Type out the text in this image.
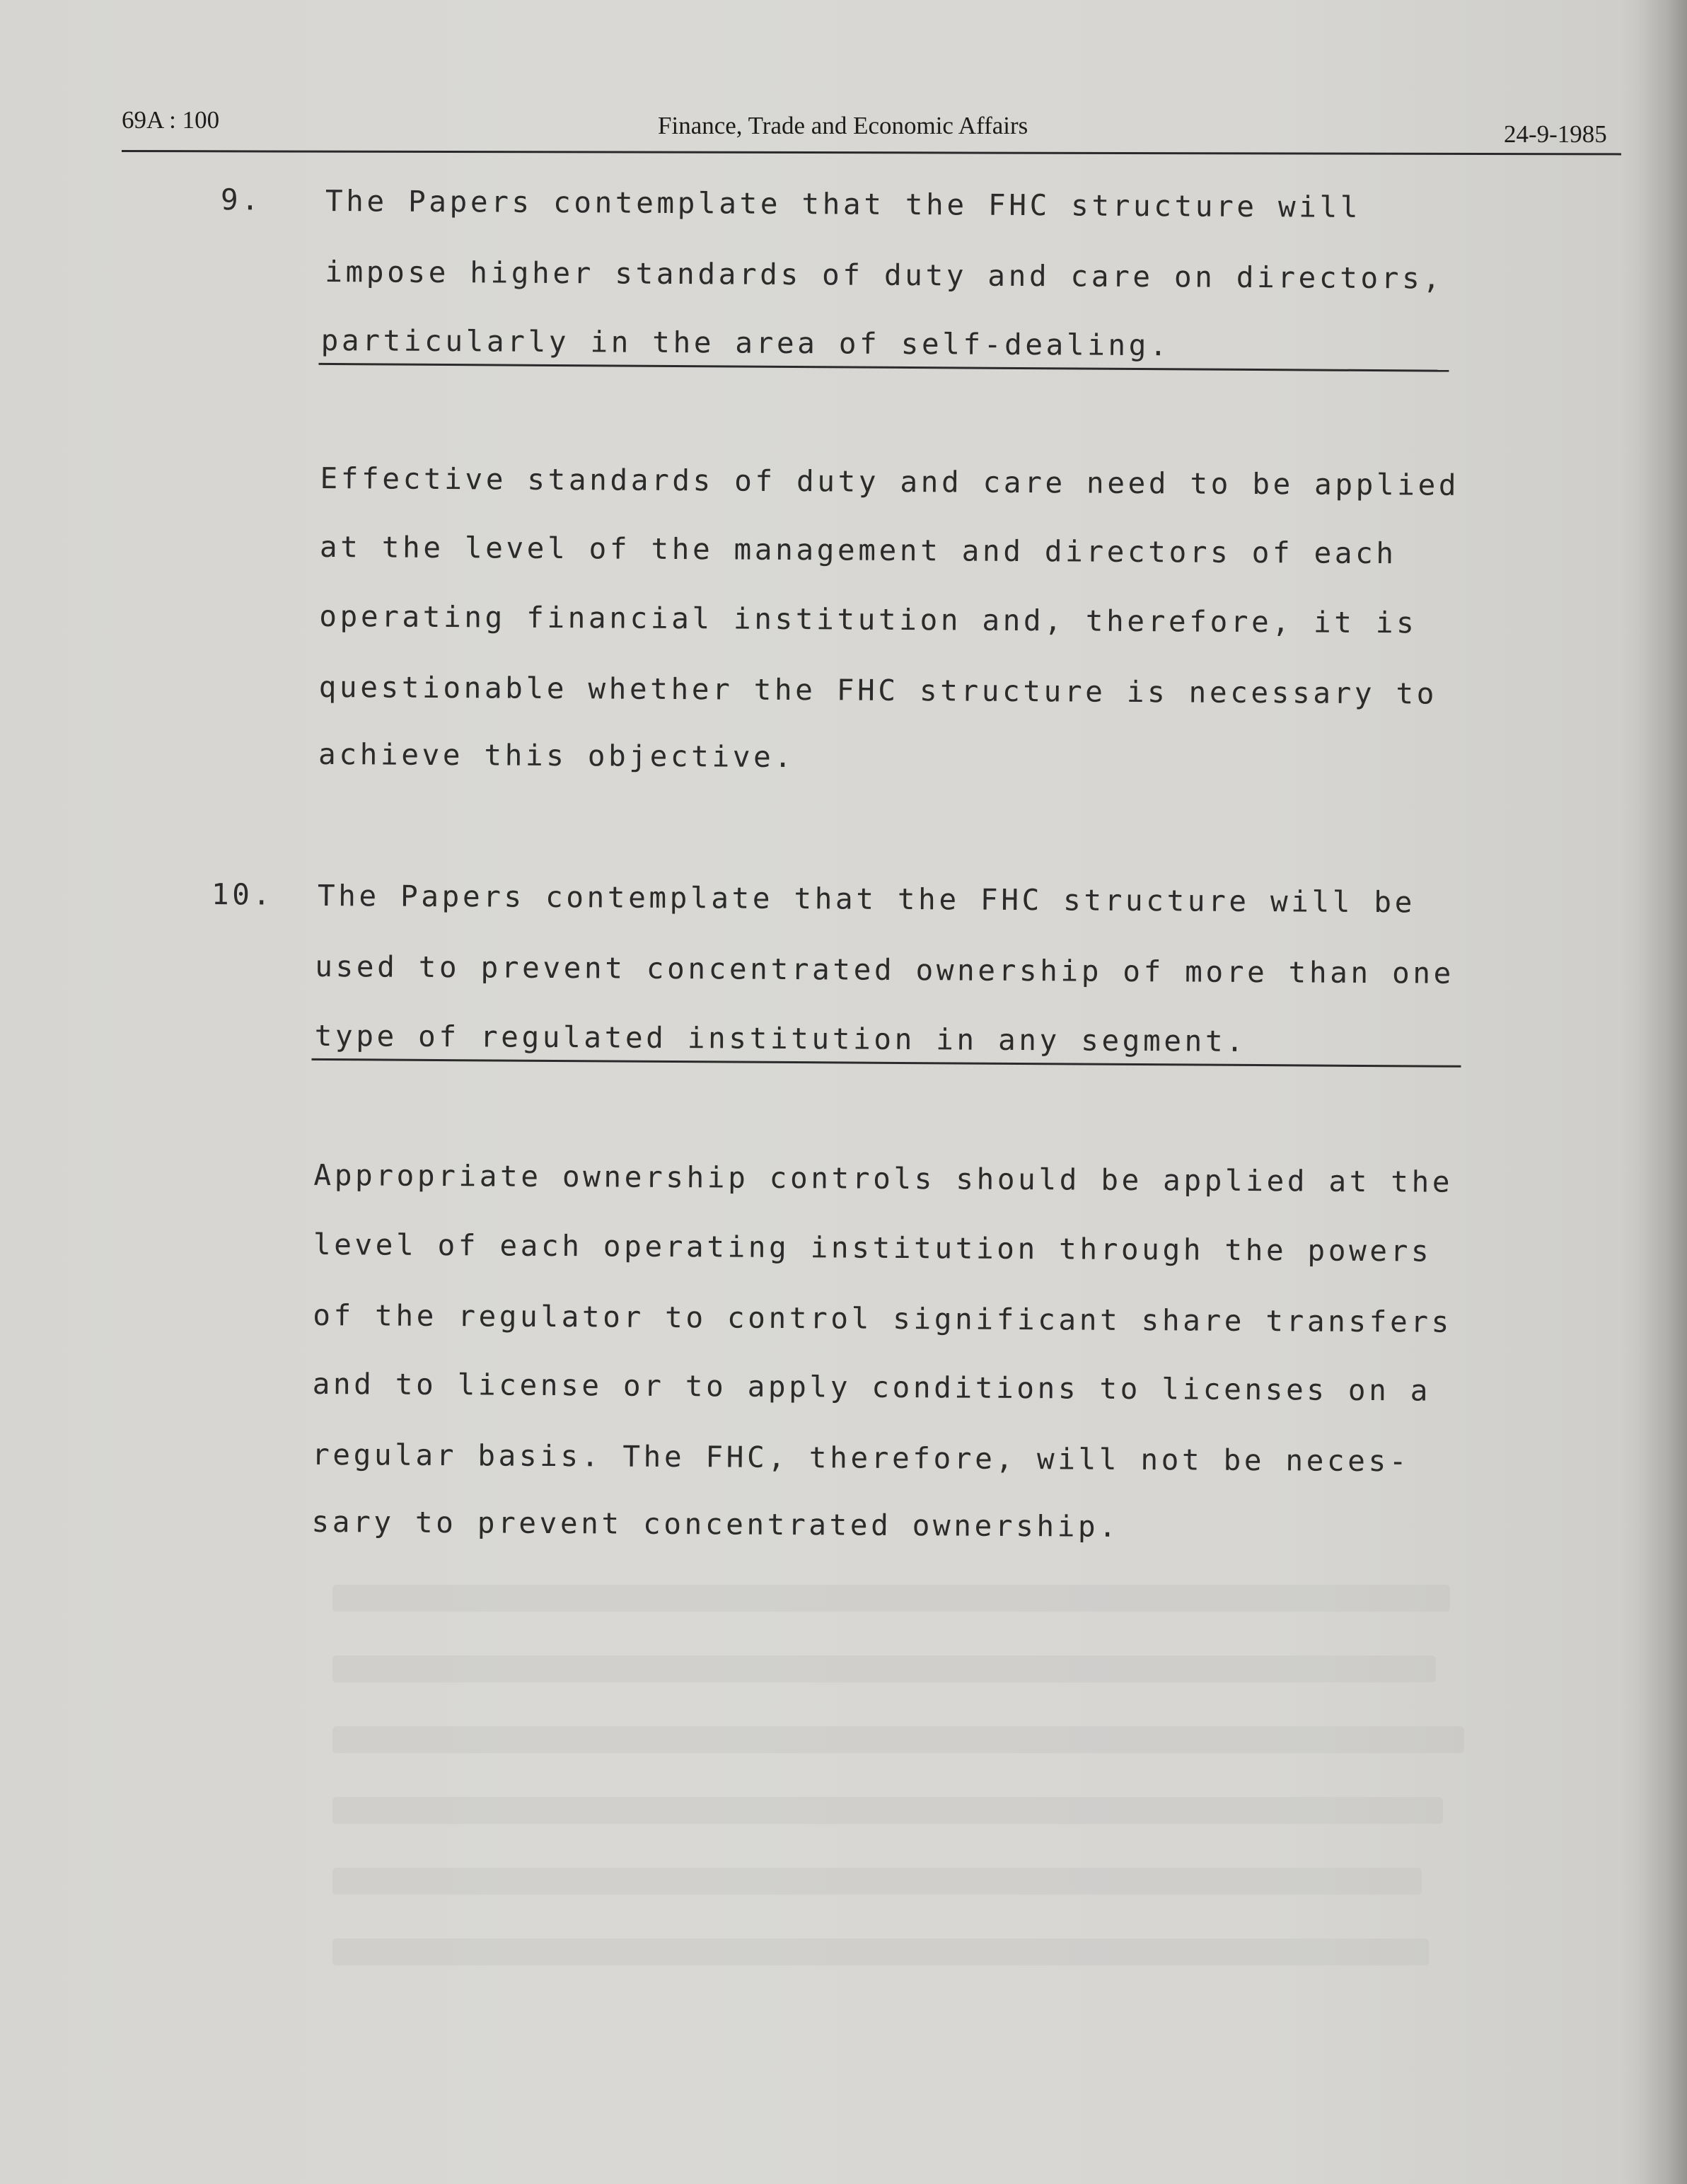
69A : 100	Finance, Trade and Economic Affairs	24-9-1985
9. The Papers contemplate that the FHC structure will
impose higher standards of duty and care on directors,
particularly in the area of self-dealing.
Effective standards of duty and care need to be applied
at the level of the management and directors of each
operating financial institution and, therefore, it is
questionable whether the FHC structure is necessary to
achieve this objective.
10. The Papers contemplate that the FHC structure will be
used to prevent concentrated ownership of more than one
type of regulated institution in any segment.
Appropriate ownership controls should be applied at the
level of each operating institution through the powers
of the regulator to control significant share transfers
and to license or to apply conditions to licenses on a
regular basis. The FHC, therefore, will not be neces-
sary to prevent concentrated ownership.
